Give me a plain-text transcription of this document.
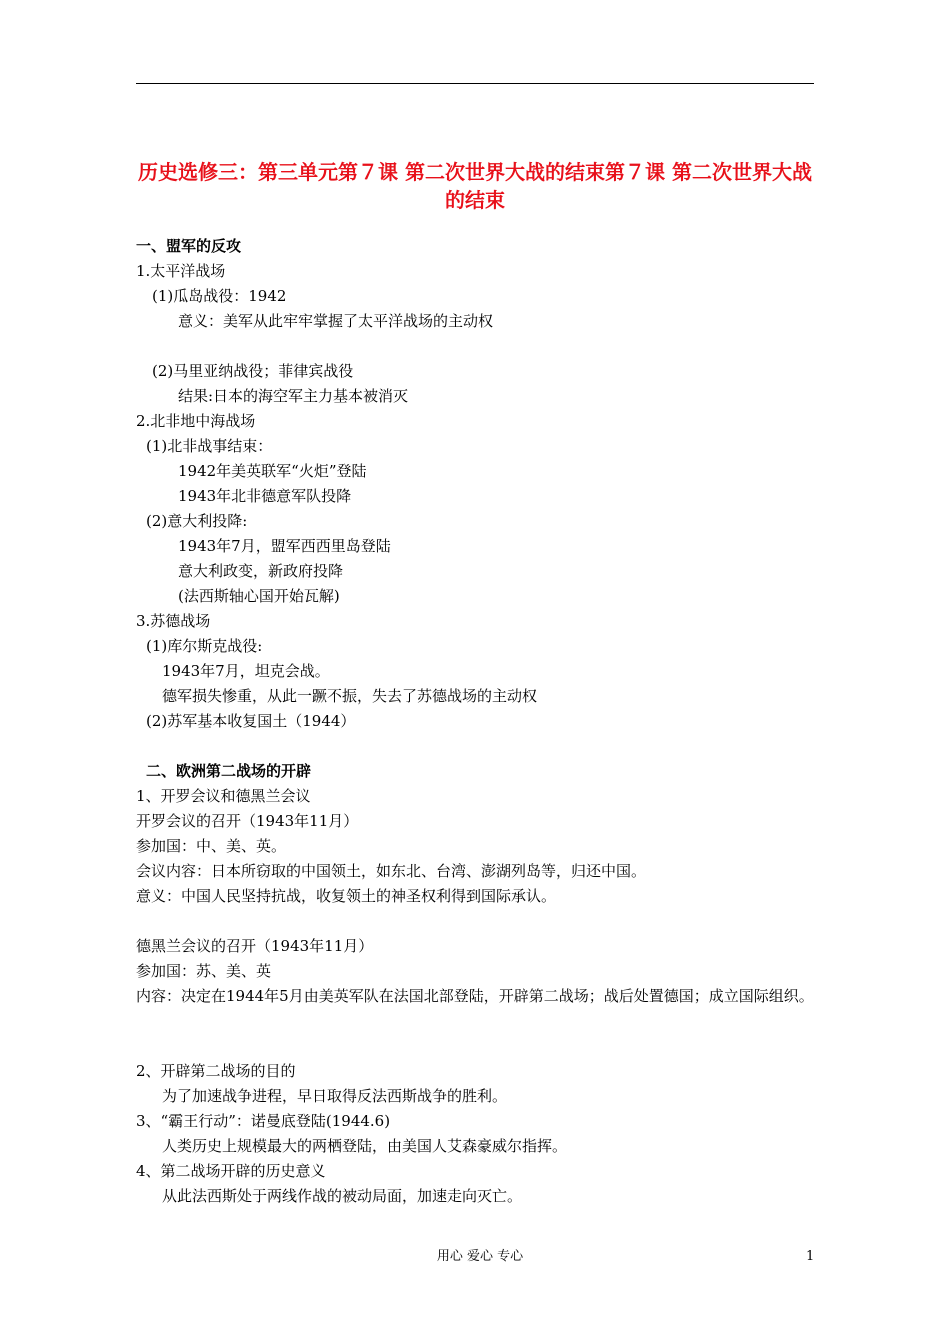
历史选修三：第三单元第７课 第二次世界大战的结束第７课 第二次世界大战的结束
一、盟军的反攻
1.太平洋战场
(1)瓜岛战役：1942
意义：美军从此牢牢掌握了太平洋战场的主动权
(2)马里亚纳战役；菲律宾战役
结果:日本的海空军主力基本被消灭
2.北非地中海战场
(1)北非战事结束：
1942年美英联军“火炬”登陆
1943年北非德意军队投降
(2)意大利投降:
1943年7月，盟军西西里岛登陆
意大利政变，新政府投降
(法西斯轴心国开始瓦解)
3.苏德战场
(1)库尔斯克战役:
1943年7月，坦克会战。
德军损失惨重，从此一蹶不振，失去了苏德战场的主动权
(2)苏军基本收复国土（1944）
二、欧洲第二战场的开辟
1、开罗会议和德黑兰会议
开罗会议的召开（1943年11月）
参加国：中、美、英。
会议内容：日本所窃取的中国领土，如东北、台湾、澎湖列岛等，归还中国。
意义：中国人民坚持抗战，收复领土的神圣权利得到国际承认。
德黑兰会议的召开（1943年11月）
参加国：苏、美、英
内容：决定在1944年5月由美英军队在法国北部登陆，开辟第二战场；战后处置德国；成立国际组织。
2、开辟第二战场的目的
为了加速战争进程，早日取得反法西斯战争的胜利。
3、“霸王行动”：诺曼底登陆(1944.6)
人类历史上规模最大的两栖登陆，由美国人艾森豪威尔指挥。
4、第二战场开辟的历史意义
从此法西斯处于两线作战的被动局面，加速走向灭亡。
用心 爱心 专心	1
